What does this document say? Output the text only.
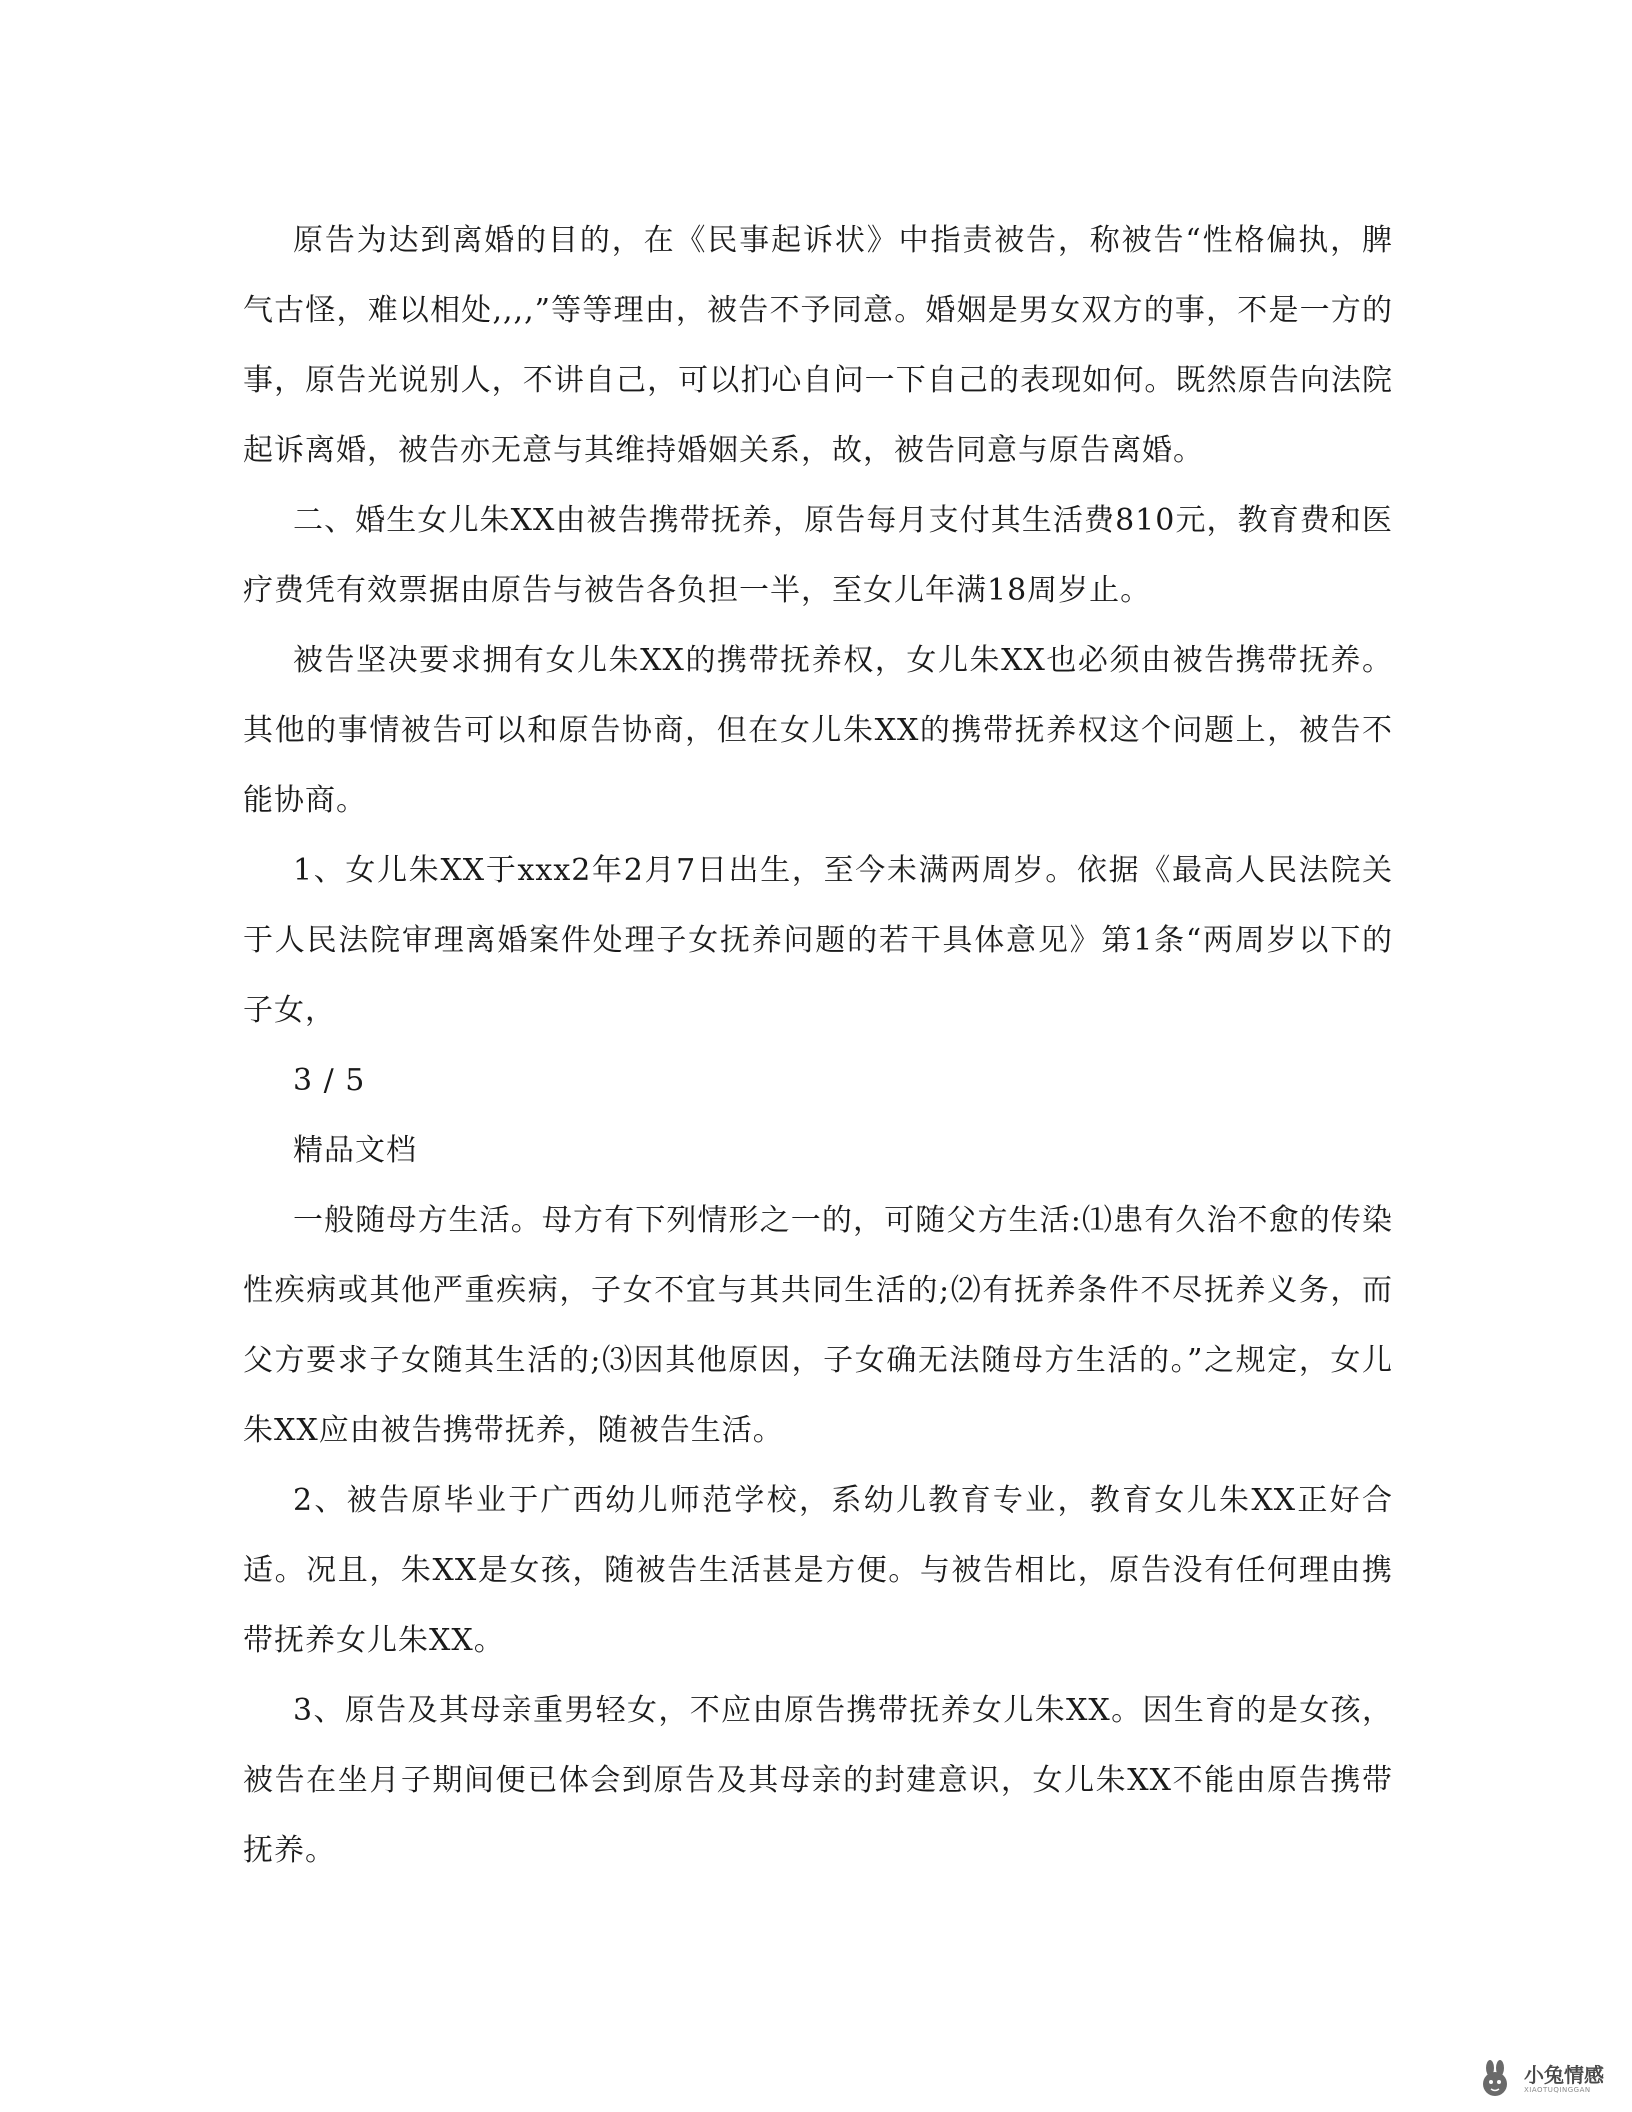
原告为达到离婚的目的，在《民事起诉状》中指责被告，称被告“性格偏执，脾气古怪，难以相处,,,,”等等理由，被告不予同意。婚姻是男女双方的事，不是一方的事，原告光说别人，不讲自己，可以扪心自问一下自己的表现如何。既然原告向法院起诉离婚，被告亦无意与其维持婚姻关系，故，被告同意与原告离婚。

二、婚生女儿朱XX由被告携带抚养，原告每月支付其生活费810元，教育费和医疗费凭有效票据由原告与被告各负担一半，至女儿年满18周岁止。

被告坚决要求拥有女儿朱XX的携带抚养权，女儿朱XX也必须由被告携带抚养。其他的事情被告可以和原告协商，但在女儿朱XX的携带抚养权这个问题上，被告不能协商。

1、女儿朱XX于xxx2年2月7日出生，至今未满两周岁。依据《最高人民法院关于人民法院审理离婚案件处理子女抚养问题的若干具体意见》第1条“两周岁以下的子女，

3 / 5

精品文档

一般随母方生活。母方有下列情形之一的，可随父方生活:⑴患有久治不愈的传染性疾病或其他严重疾病，子女不宜与其共同生活的;⑵有抚养条件不尽抚养义务，而父方要求子女随其生活的;⑶因其他原因，子女确无法随母方生活的。”之规定，女儿朱XX应由被告携带抚养，随被告生活。

2、被告原毕业于广西幼儿师范学校，系幼儿教育专业，教育女儿朱XX正好合适。况且，朱XX是女孩，随被告生活甚是方便。与被告相比，原告没有任何理由携带抚养女儿朱XX。

3、原告及其母亲重男轻女，不应由原告携带抚养女儿朱XX。因生育的是女孩，被告在坐月子期间便已体会到原告及其母亲的封建意识，女儿朱XX不能由原告携带抚养。

小兔情感
XIAOTUQINGGAN
